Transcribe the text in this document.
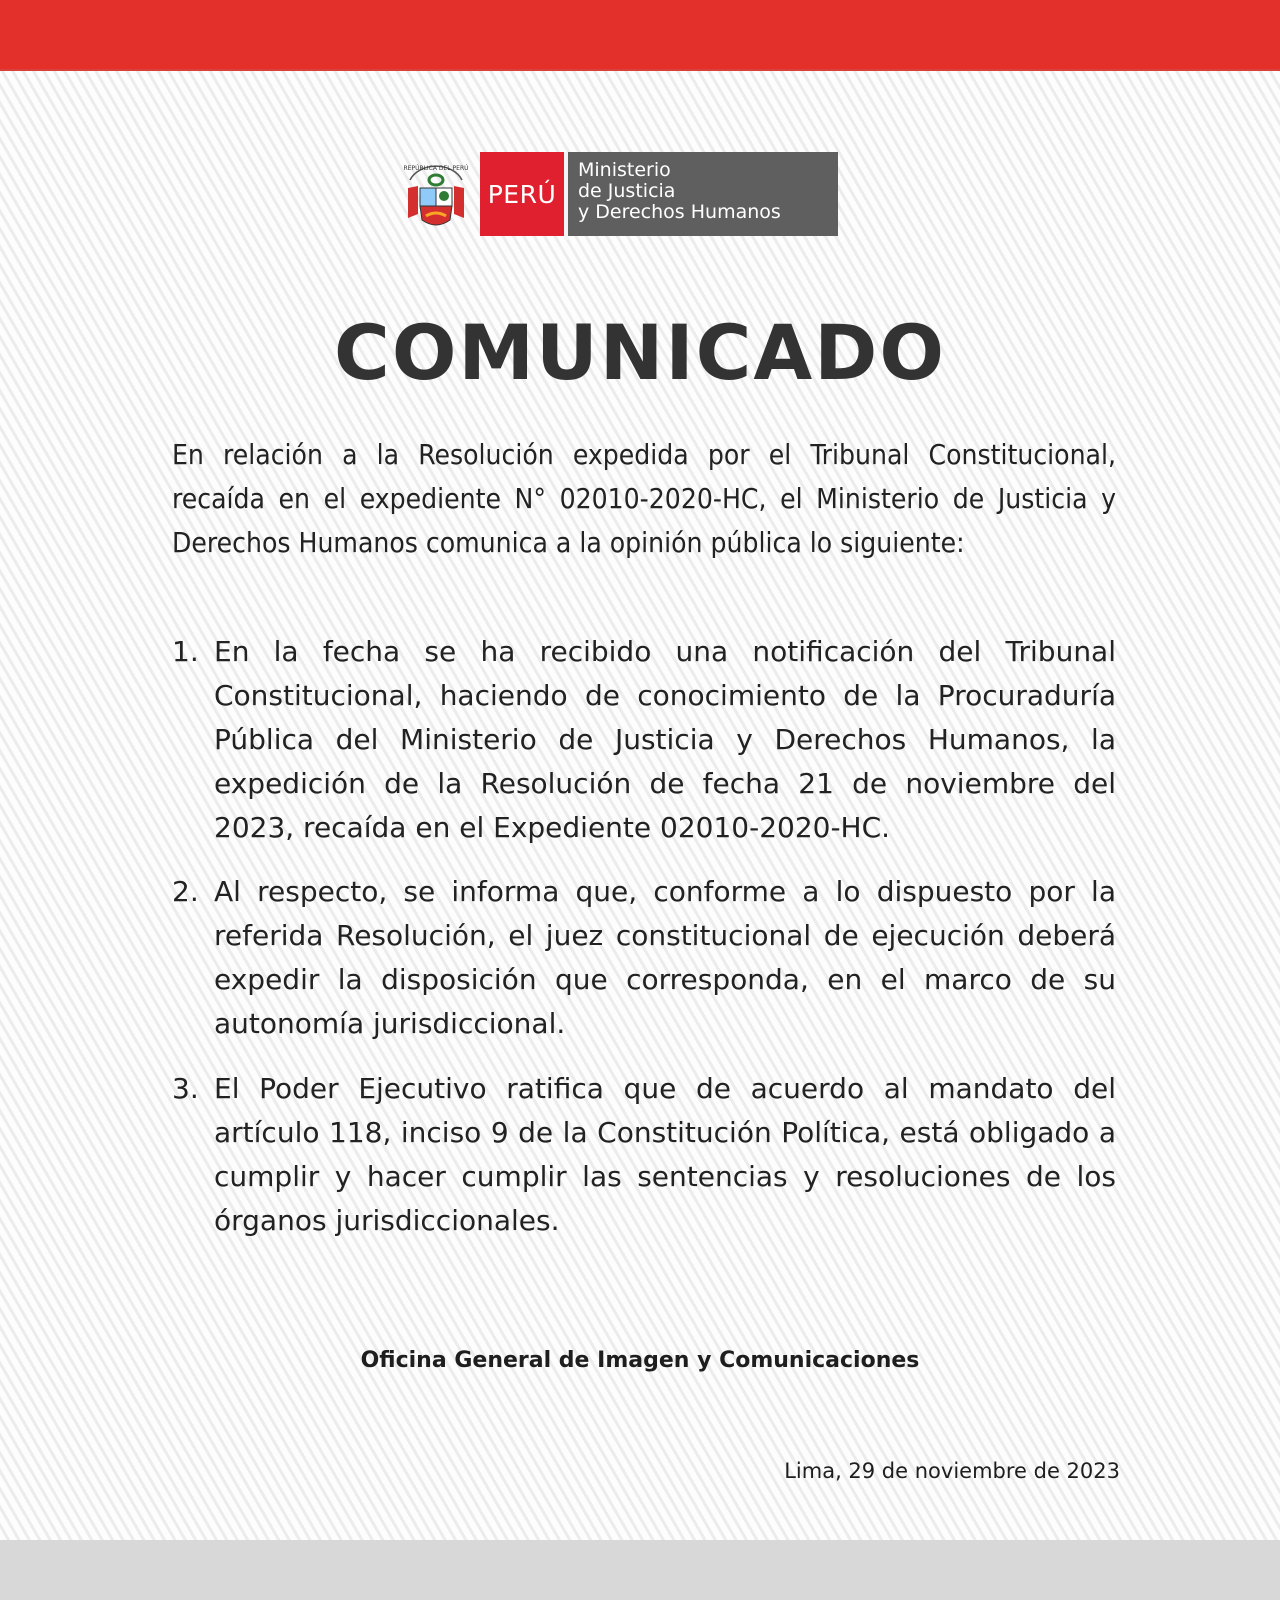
REPÚBLICA DEL PERÚ
PERÚ
Ministerio
de Justicia
y Derechos Humanos
COMUNICADO
En relación a la Resolución expedida por el Tribunal Constitucional, recaída en el expediente N° 02010-2020-HC, el Ministerio de Justicia y Derechos Humanos comunica a la opinión pública lo siguiente:
1. En la fecha se ha recibido una notificación del Tribunal Constitucional, haciendo de conocimiento de la Procuraduría Pública del Ministerio de Justicia y Derechos Humanos, la expedición de la Resolución de fecha 21 de noviembre del 2023, recaída en el Expediente 02010-2020-HC.
2. Al respecto, se informa que, conforme a lo dispuesto por la referida Resolución, el juez constitucional de ejecución deberá expedir la disposición que corresponda, en el marco de su autonomía jurisdiccional.
3. El Poder Ejecutivo ratifica que de acuerdo al mandato del artículo 118, inciso 9 de la Constitución Política, está obligado a cumplir y hacer cumplir las sentencias y resoluciones de los órganos jurisdiccionales.
Oficina General de Imagen y Comunicaciones
Lima, 29 de noviembre de 2023
